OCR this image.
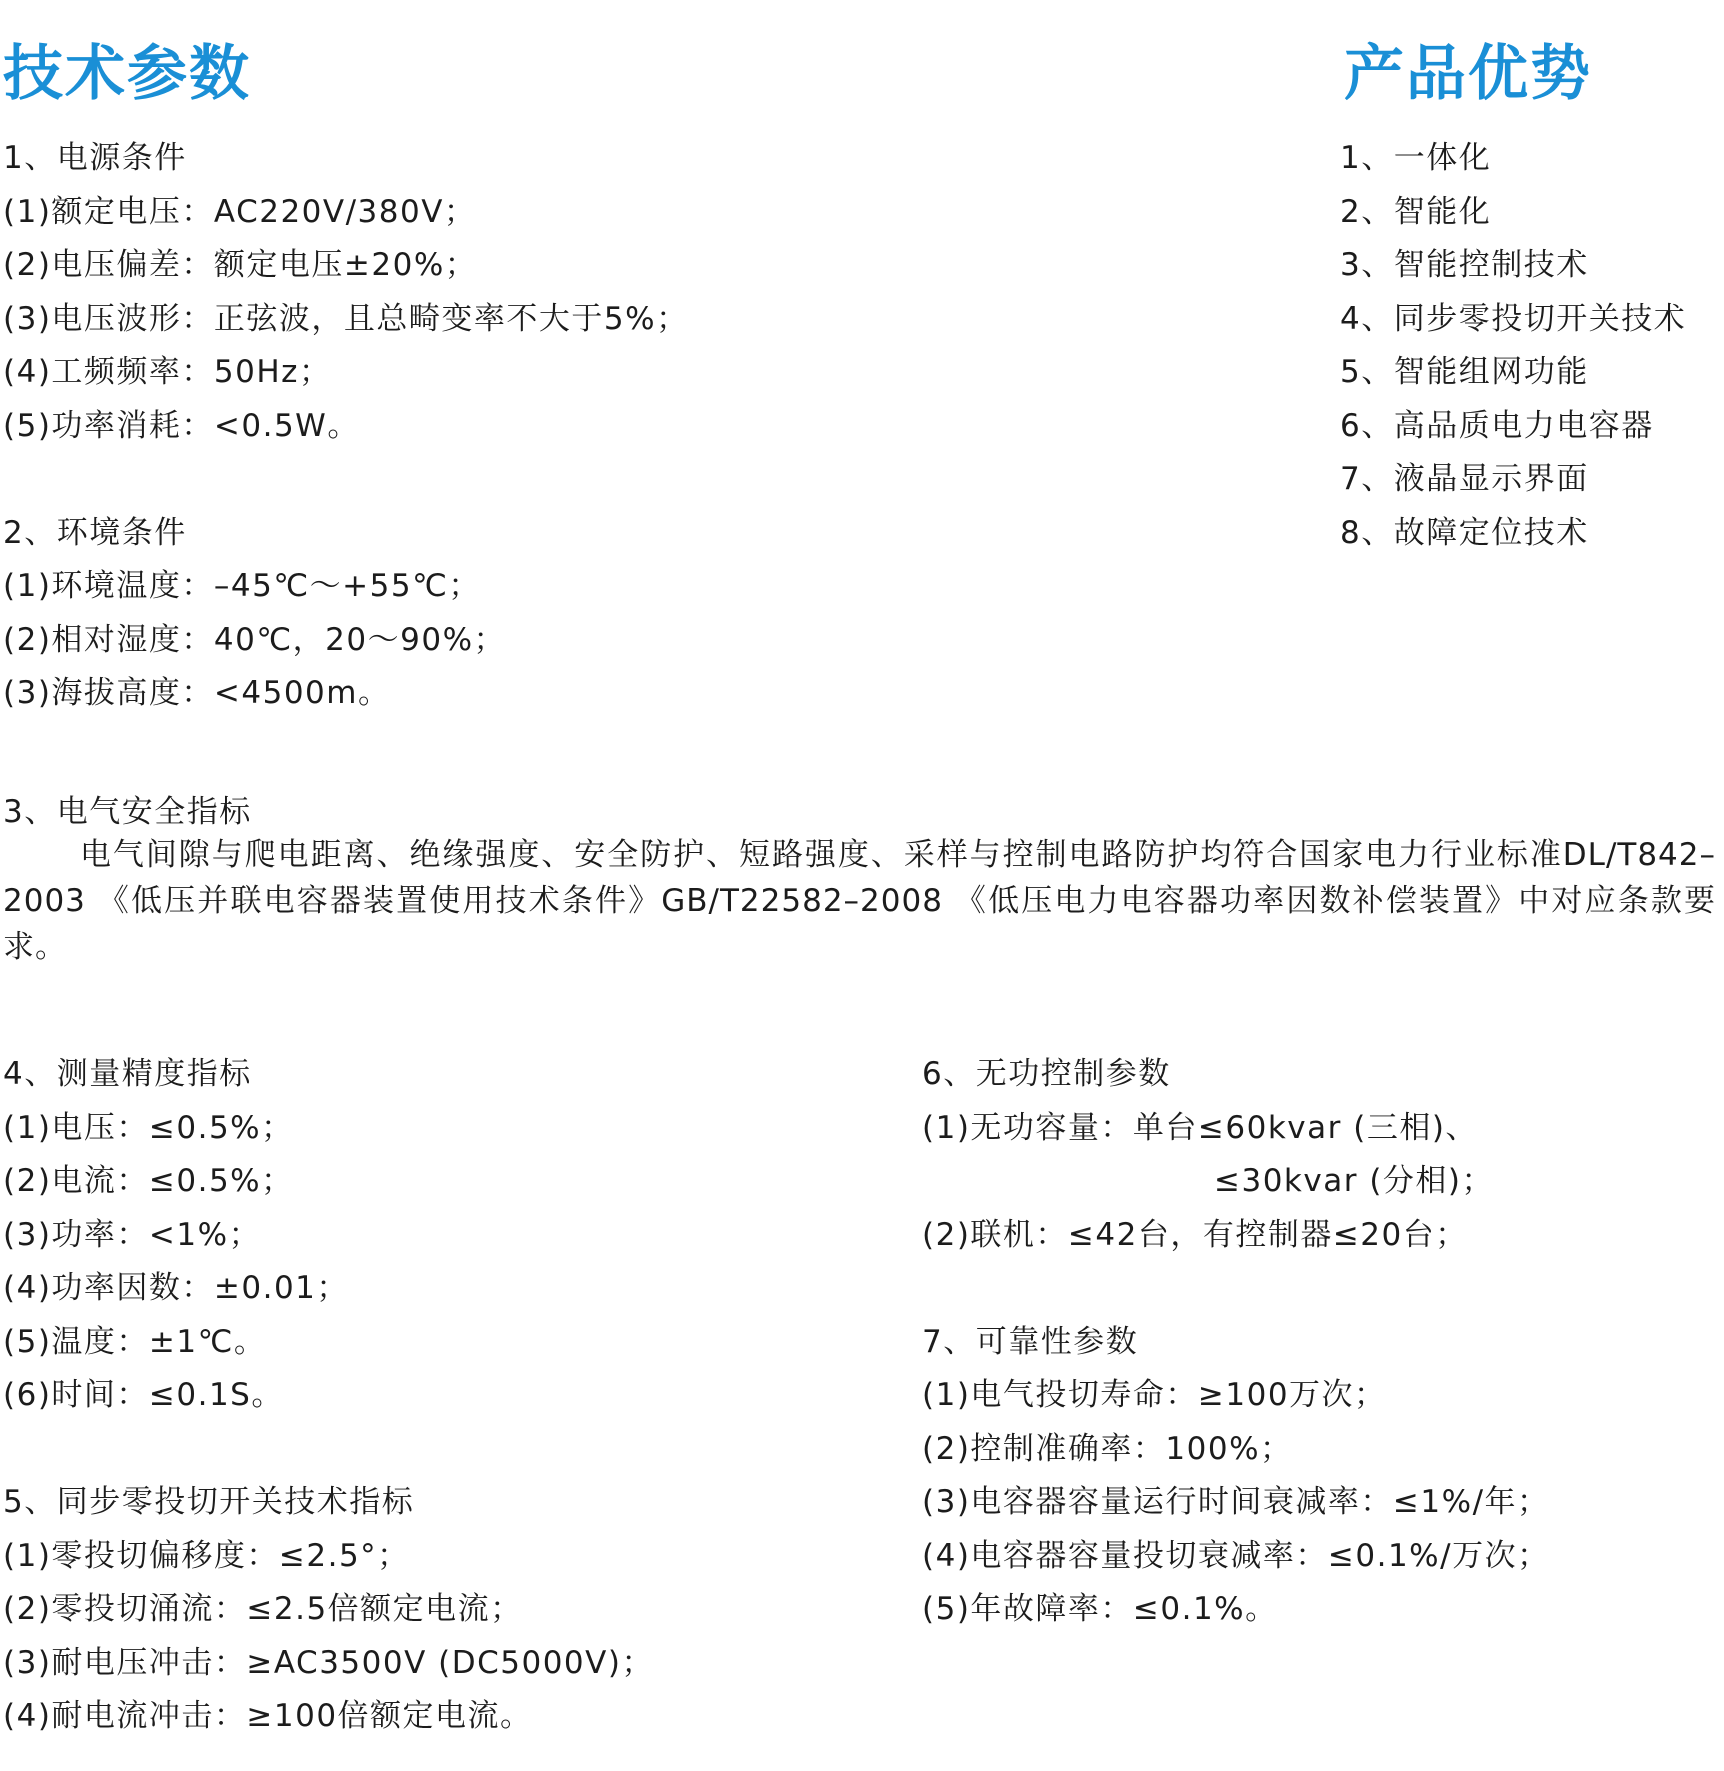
技术参数	产品优势
1、电源条件
(1)额定电压：AC220V/380V；
(2)电压偏差：额定电压±20%；
(3)电压波形：正弦波，且总畸变率不大于5%；
(4)工频频率：50Hz；
(5)功率消耗：<0.5W。
2、环境条件
(1)环境温度：–45℃～+55℃；
(2)相对湿度：40℃，20～90%；
(3)海拔高度：<4500m。
1、一体化
2、智能化
3、智能控制技术
4、同步零投切开关技术
5、智能组网功能
6、高品质电力电容器
7、液晶显示界面
8、故障定位技术
3、电气安全指标
电气间隙与爬电距离、绝缘强度、安全防护、短路强度、采样与控制电路防护均符合国家电力行业标准DL/T842–2003 《低压并联电容器装置使用技术条件》GB/T22582–2008 《低压电力电容器功率因数补偿装置》中对应条款要求。
4、测量精度指标
(1)电压：≤0.5%；
(2)电流：≤0.5%；
(3)功率：<1%；
(4)功率因数：±0.01；
(5)温度：±1℃。
(6)时间：≤0.1S。
5、同步零投切开关技术指标
(1)零投切偏移度：≤2.5°；
(2)零投切涌流：≤2.5倍额定电流；
(3)耐电压冲击：≥AC3500V (DC5000V)；
(4)耐电流冲击：≥100倍额定电流。
6、无功控制参数
(1)无功容量：单台≤60kvar (三相)、
≤30kvar (分相)；
(2)联机：≤42台，有控制器≤20台；
7、可靠性参数
(1)电气投切寿命：≥100万次；
(2)控制准确率：100%；
(3)电容器容量运行时间衰减率：≤1%/年；
(4)电容器容量投切衰减率：≤0.1%/万次；
(5)年故障率：≤0.1%。
